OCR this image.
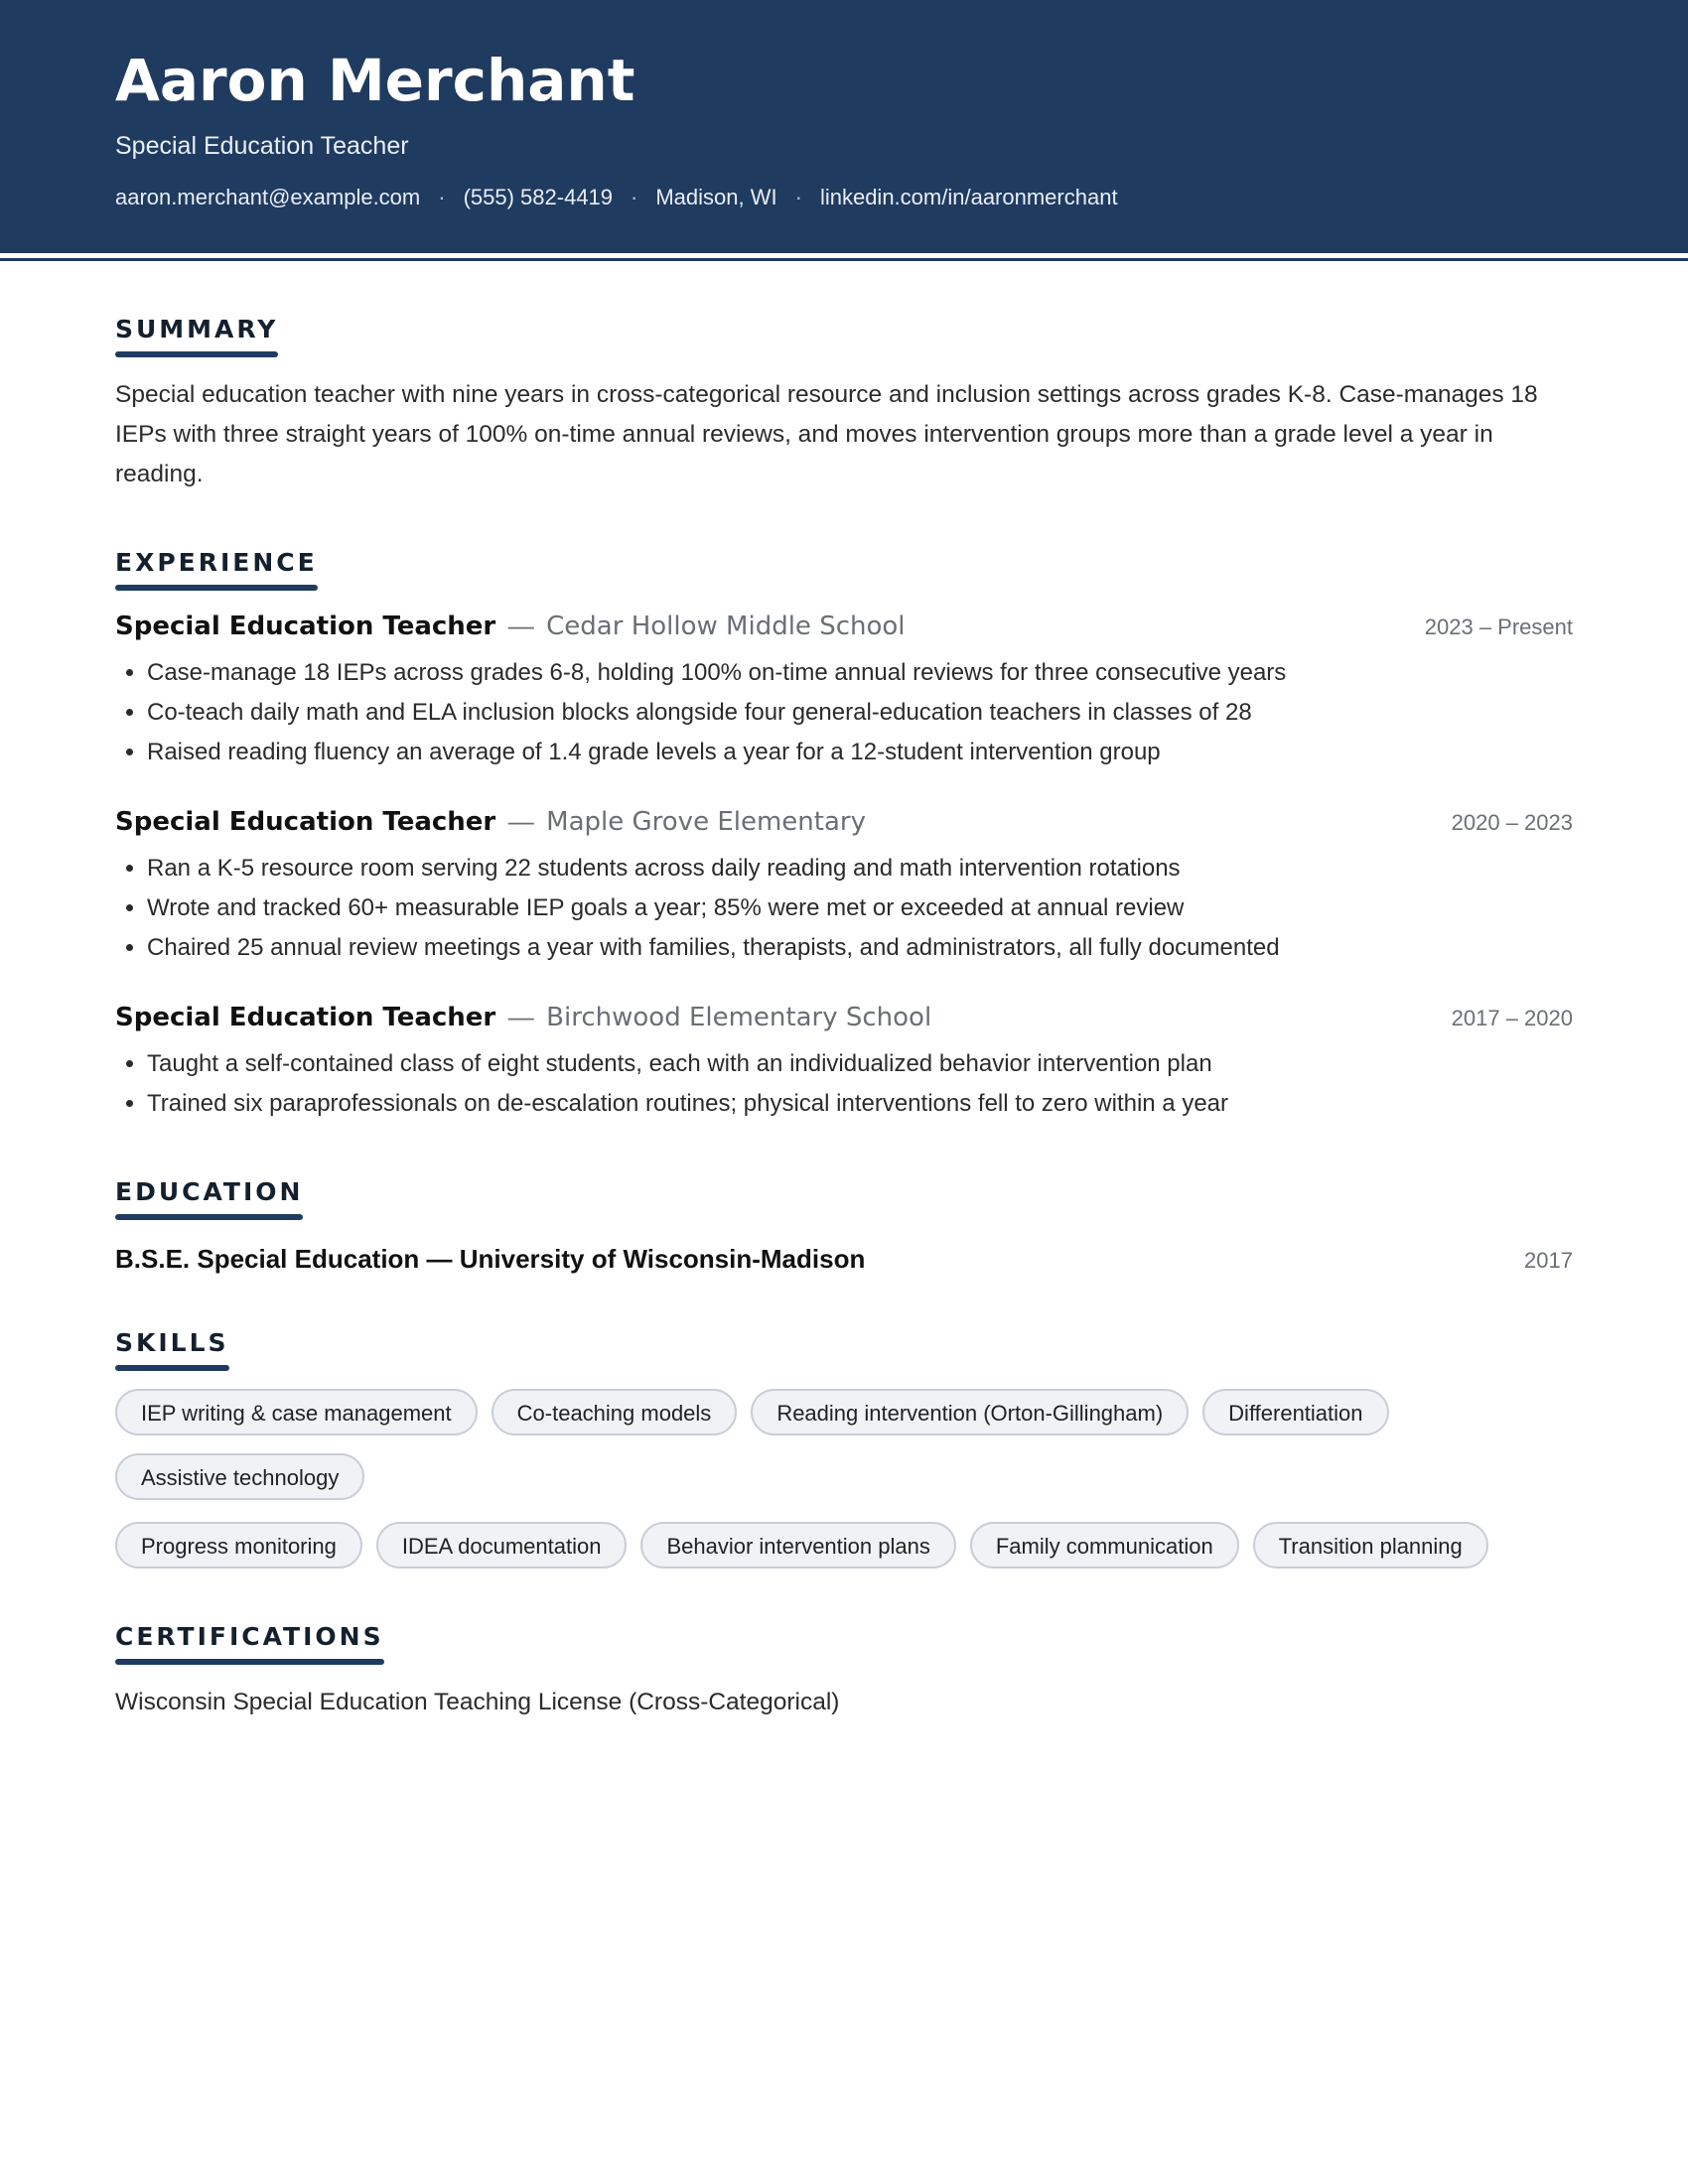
Aaron Merchant
Special Education Teacher
aaron.merchant@example.com · (555) 582-4419 · Madison, WI · linkedin.com/in/aaronmerchant
SUMMARY
Special education teacher with nine years in cross-categorical resource and inclusion settings across grades K-8. Case-manages 18 IEPs with three straight years of 100% on-time annual reviews, and moves intervention groups more than a grade level a year in reading.
EXPERIENCE
Special Education Teacher — Cedar Hollow Middle School	2023 – Present
• Case-manage 18 IEPs across grades 6-8, holding 100% on-time annual reviews for three consecutive years
• Co-teach daily math and ELA inclusion blocks alongside four general-education teachers in classes of 28
• Raised reading fluency an average of 1.4 grade levels a year for a 12-student intervention group
Special Education Teacher — Maple Grove Elementary	2020 – 2023
• Ran a K-5 resource room serving 22 students across daily reading and math intervention rotations
• Wrote and tracked 60+ measurable IEP goals a year; 85% were met or exceeded at annual review
• Chaired 25 annual review meetings a year with families, therapists, and administrators, all fully documented
Special Education Teacher — Birchwood Elementary School	2017 – 2020
• Taught a self-contained class of eight students, each with an individualized behavior intervention plan
• Trained six paraprofessionals on de-escalation routines; physical interventions fell to zero within a year
EDUCATION
B.S.E. Special Education — University of Wisconsin-Madison	2017
SKILLS
IEP writing & case management	Co-teaching models	Reading intervention (Orton-Gillingham)	Differentiation
Assistive technology
Progress monitoring	IDEA documentation	Behavior intervention plans	Family communication	Transition planning
CERTIFICATIONS
Wisconsin Special Education Teaching License (Cross-Categorical)
